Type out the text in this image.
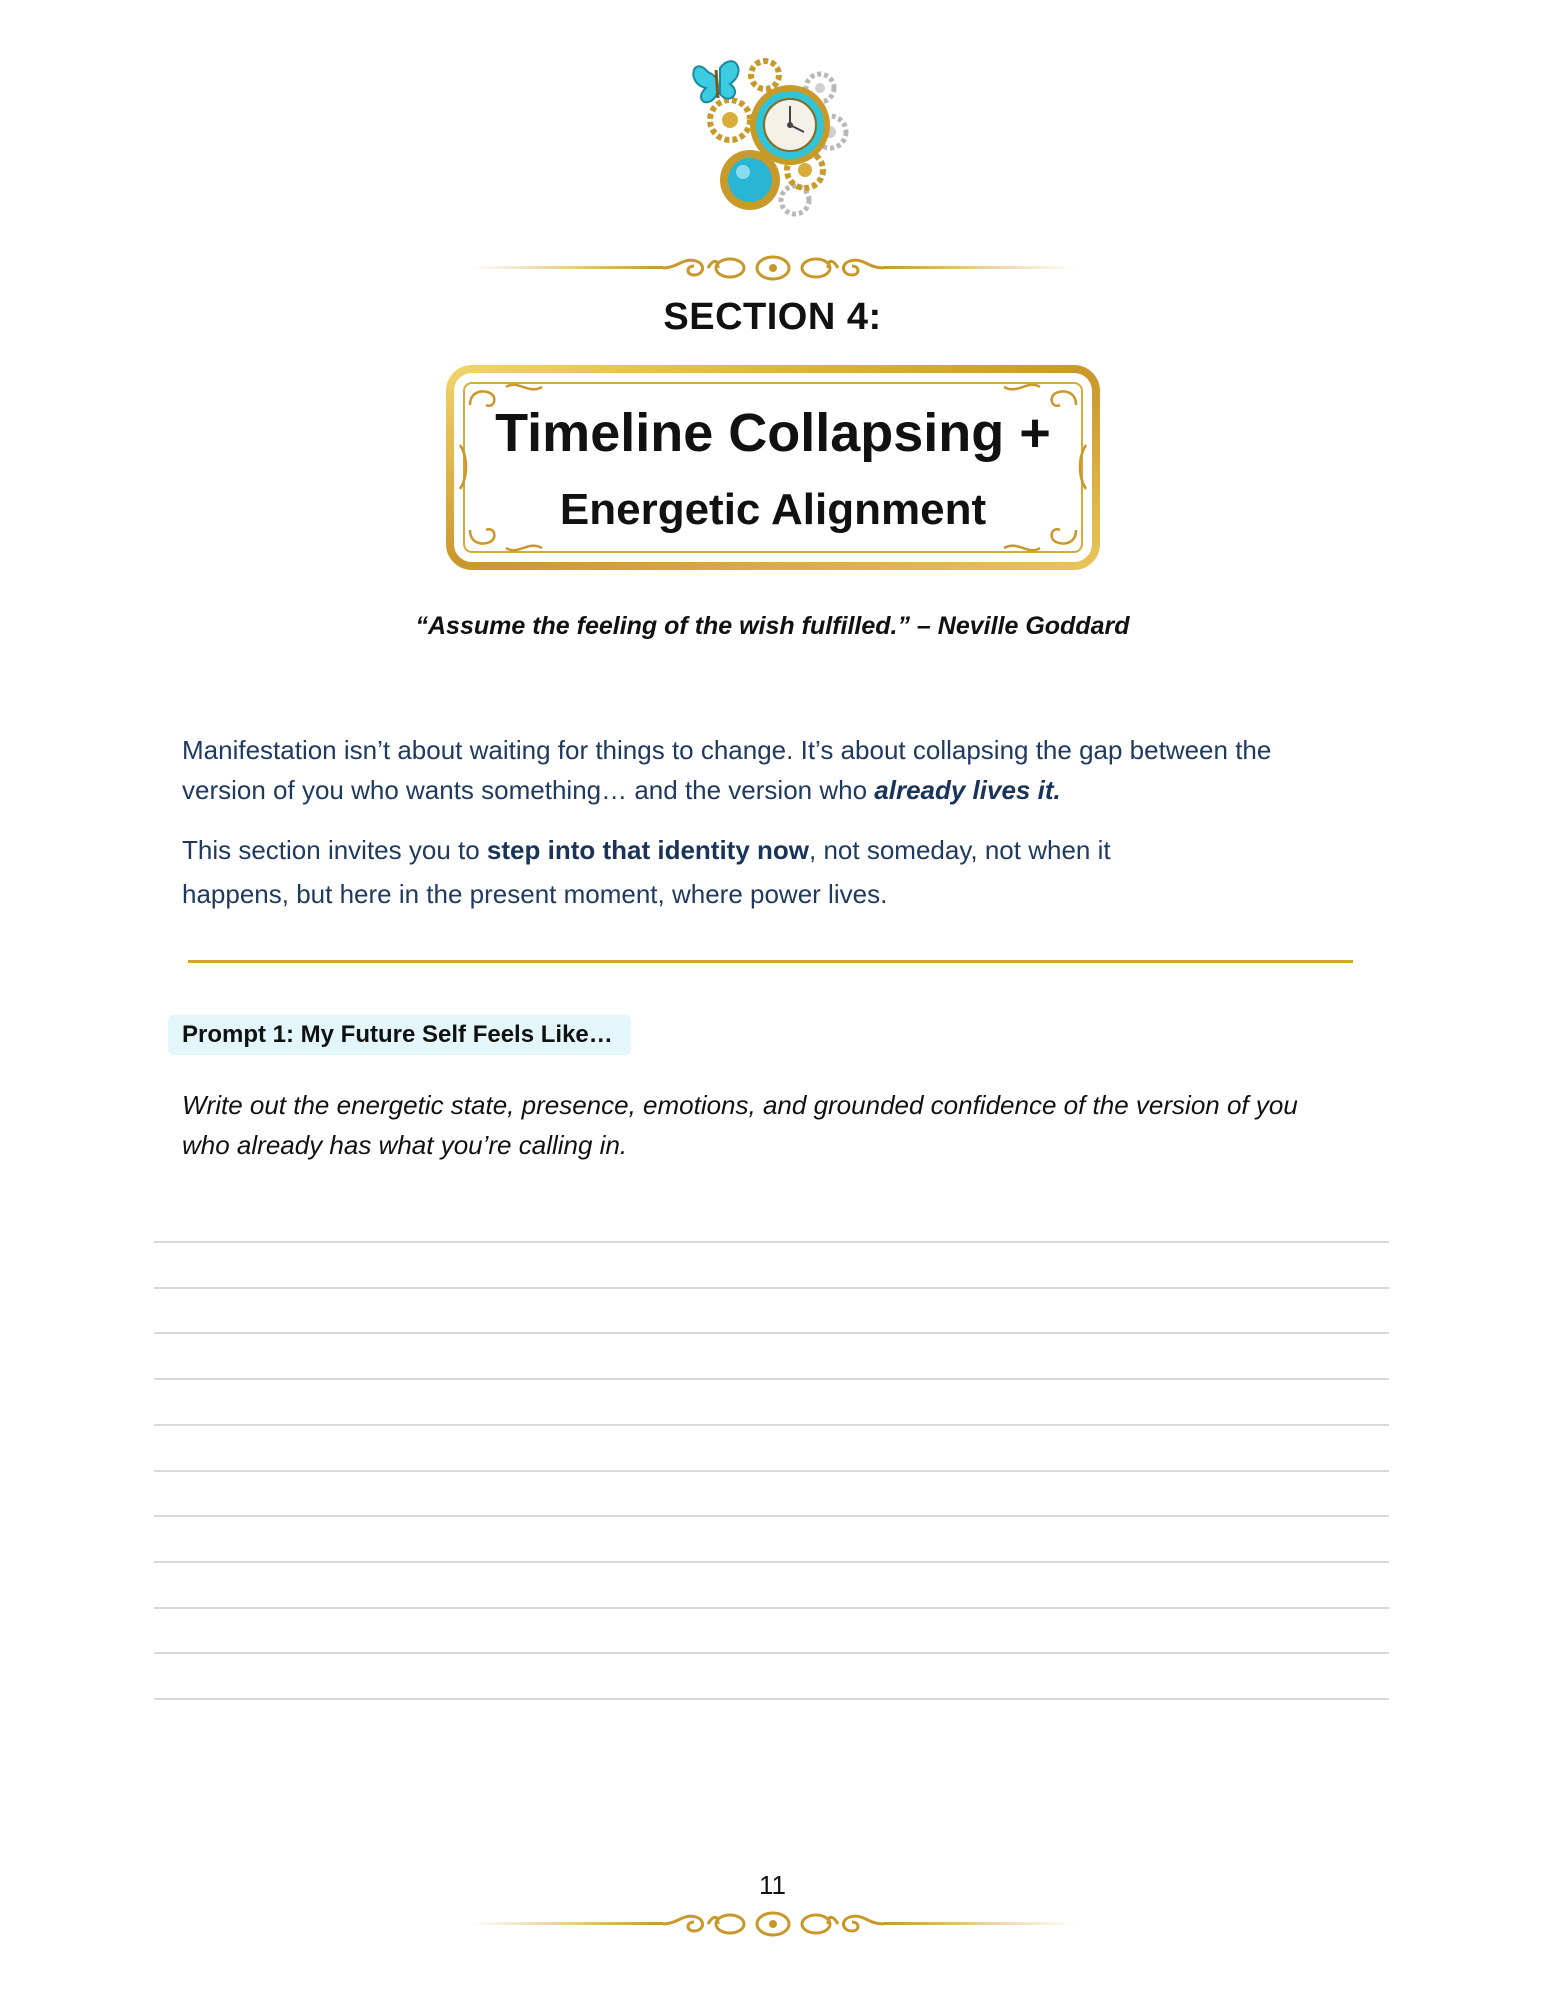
SECTION 4:
Timeline Collapsing +
Energetic Alignment
“Assume the feeling of the wish fulfilled.” – Neville Goddard
Manifestation isn’t about waiting for things to change. It’s about collapsing the gap between the version of you who wants something… and the version who already lives it.
This section invites you to step into that identity now, not someday, not when it happens, but here in the present moment, where power lives.
Prompt 1: My Future Self Feels Like…
Write out the energetic state, presence, emotions, and grounded confidence of the version of you who already has what you’re calling in.
11
